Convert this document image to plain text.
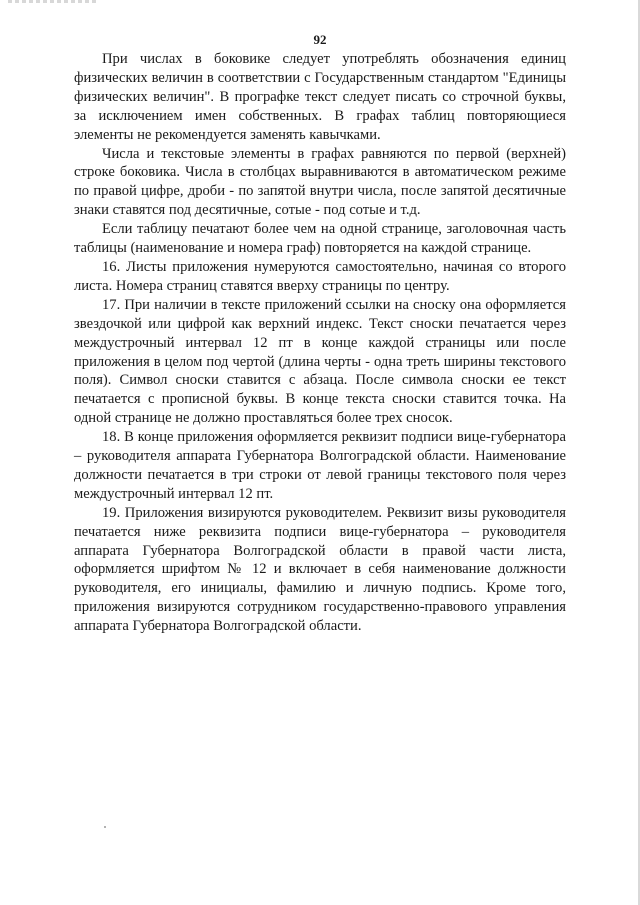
92

При числах в боковике следует употреблять обозначения единиц физических величин в соответствии с Государственным стандартом "Единицы физических величин". В прографке текст следует писать со строчной буквы, за исключением имен собственных. В графах таблиц повторяющиеся элементы не рекомендуется заменять кавычками.

Числа и текстовые элементы в графах равняются по первой (верхней) строке боковика. Числа в столбцах выравниваются в автоматическом режиме по правой цифре, дроби - по запятой внутри числа, после запятой десятичные знаки ставятся под десятичные, сотые - под сотые и т.д.

Если таблицу печатают более чем на одной странице, заголовочная часть таблицы (наименование и номера граф) повторяется на каждой странице.

16. Листы приложения нумеруются самостоятельно, начиная со второго листа. Номера страниц ставятся вверху страницы по центру.

17. При наличии в тексте приложений ссылки на сноску она оформляется звездочкой или цифрой как верхний индекс. Текст сноски печатается через междустрочный интервал 12 пт в конце каждой страницы или после приложения в целом под чертой (длина черты - одна треть ширины текстового поля). Символ сноски ставится с абзаца. После символа сноски ее текст печатается с прописной буквы. В конце текста сноски ставится точка. На одной странице не должно проставляться более трех сносок.

18. В конце приложения оформляется реквизит подписи вице-губернатора – руководителя аппарата Губернатора Волгоградской области. Наименование должности печатается в три строки от левой границы текстового поля через междустрочный интервал 12 пт.

19. Приложения визируются руководителем. Реквизит визы руководителя печатается ниже реквизита подписи вице-губернатора – руководителя аппарата Губернатора Волгоградской области в правой части листа, оформляется шрифтом № 12 и включает в себя наименование должности руководителя, его инициалы, фамилию и личную подпись. Кроме того, приложения визируются сотрудником государственно-правового управления аппарата Губернатора Волгоградской области.
